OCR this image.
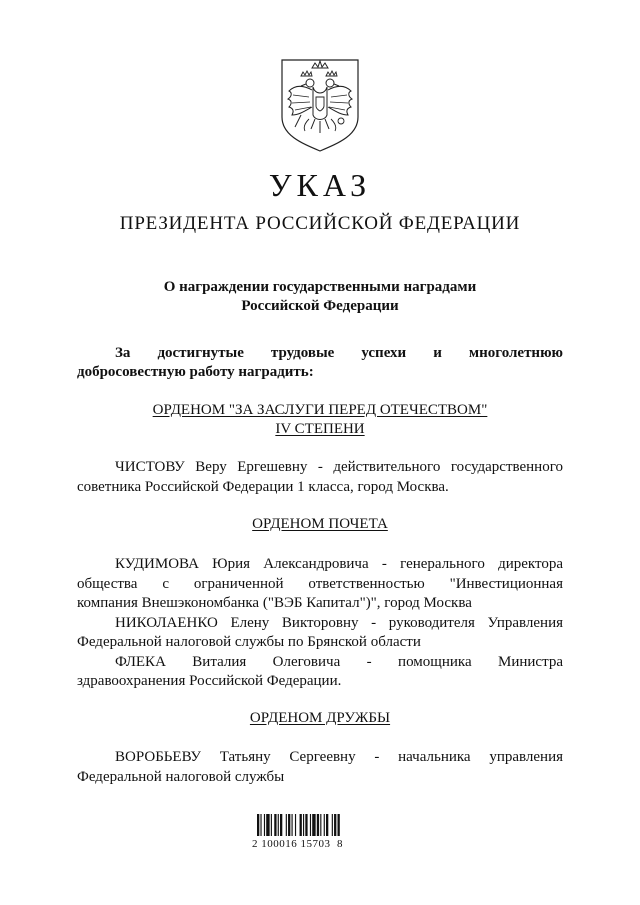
УКАЗ
ПРЕЗИДЕНТА РОССИЙСКОЙ ФЕДЕРАЦИИ
О награждении государственными наградами
Российской Федерации
За достигнутые трудовые успехи и многолетнюю
добросовестную работу наградить:
ОРДЕНОМ "ЗА ЗАСЛУГИ ПЕРЕД ОТЕЧЕСТВОМ"
IV СТЕПЕНИ
ЧИСТОВУ Веру Ергешевну - действительного государственного
советника Российской Федерации 1 класса, город Москва.
ОРДЕНОМ ПОЧЕТА
КУДИМОВА Юрия Александровича - генерального директора
общества с ограниченной ответственностью "Инвестиционная
компания Внешэкономбанка ("ВЭБ Капитал")", город Москва
НИКОЛАЕНКО Елену Викторовну - руководителя Управления
Федеральной налоговой службы по Брянской области
ФЛЕКА Виталия Олеговича - помощника Министра
здравоохранения Российской Федерации.
ОРДЕНОМ ДРУЖБЫ
ВОРОБЬЕВУ Татьяну Сергеевну - начальника управления
Федеральной налоговой службы
2 100016 15703  8
